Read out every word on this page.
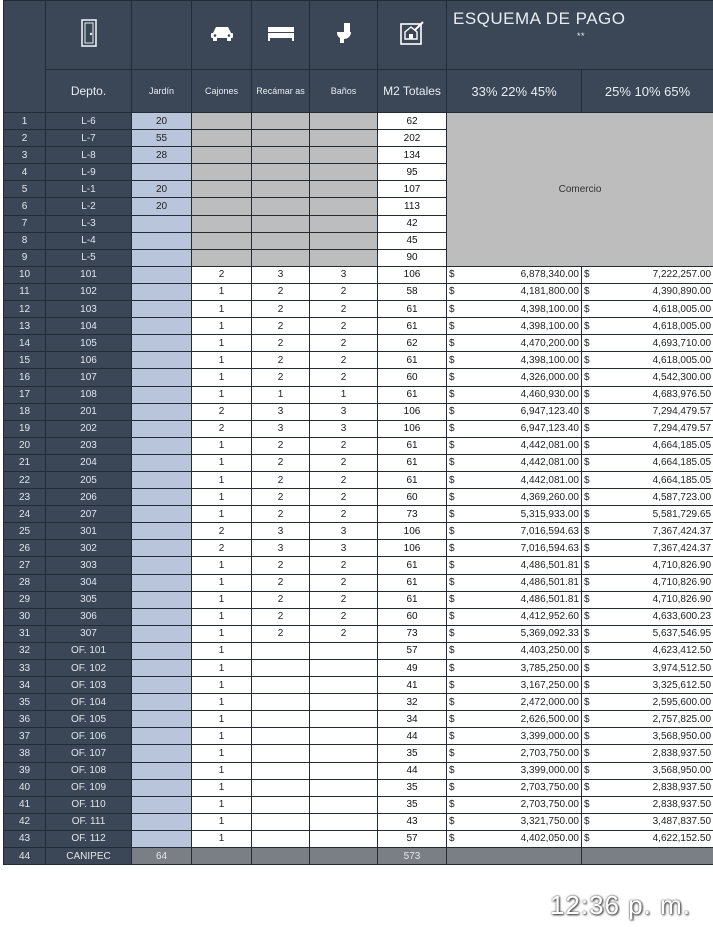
							ESQUEMA DE PAGO
**	

	Depto.	Jardín	Cajones	Recámar as	Baños	M2 Totales	33% 22% 45%	25% 10% 65%
1	L-6	20				62	Comercio	
2	L-7	55				202		
3	L-8	28				134		
4	L-9					95		
5	L-1	20				107		
6	L-2	20				113		
7	L-3					42		
8	L-4					45		
9	L-5					90		
10	101		2	3	3	106	$ 6,878,340.00	$ 7,222,257.00

11	102		1	2	2	58	$ 4,181,800.00	$ 4,390,890.00

12	103		1	2	2	61	$ 4,398,100.00	$ 4,618,005.00

13	104		1	2	2	61	$ 4,398,100.00	$ 4,618,005.00

14	105		1	2	2	62	$ 4,470,200.00	$ 4,693,710.00

15	106		1	2	2	61	$ 4,398,100.00	$ 4,618,005.00

16	107		1	2	2	60	$ 4,326,000.00	$ 4,542,300.00

17	108		1	1	1	61	$ 4,460,930.00	$ 4,683,976.50

18	201		2	3	3	106	$ 6,947,123.40	$ 7,294,479.57

19	202		2	3	3	106	$ 6,947,123.40	$ 7,294,479.57

20	203		1	2	2	61	$ 4,442,081.00	$ 4,664,185.05

21	204		1	2	2	61	$ 4,442,081.00	$ 4,664,185.05

22	205		1	2	2	61	$ 4,442,081.00	$ 4,664,185.05

23	206		1	2	2	60	$ 4,369,260.00	$ 4,587,723.00

24	207		1	2	2	73	$ 5,315,933.00	$ 5,581,729.65

25	301		2	3	3	106	$ 7,016,594.63	$ 7,367,424.37

26	302		2	3	3	106	$ 7,016,594.63	$ 7,367,424.37

27	303		1	2	2	61	$ 4,486,501.81	$ 4,710,826.90

28	304		1	2	2	61	$ 4,486,501.81	$ 4,710,826.90

29	305		1	2	2	61	$ 4,486,501.81	$ 4,710,826.90

30	306		1	2	2	60	$ 4,412,952.60	$ 4,633,600.23

31	307		1	2	2	73	$ 5,369,092.33	$ 5,637,546.95

32	OF. 101		1			57	$ 4,403,250.00	$ 4,623,412.50

33	OF. 102		1			49	$ 3,785,250.00	$ 3,974,512.50

34	OF. 103		1			41	$ 3,167,250.00	$ 3,325,612.50

35	OF. 104		1			32	$ 2,472,000.00	$ 2,595,600.00

36	OF. 105		1			34	$ 2,626,500.00	$ 2,757,825.00

37	OF. 106		1			44	$ 3,399,000.00	$ 3,568,950.00

38	OF. 107		1			35	$ 2,703,750.00	$ 2,838,937.50

39	OF. 108		1			44	$ 3,399,000.00	$ 3,568,950.00

40	OF. 109		1			35	$ 2,703,750.00	$ 2,838,937.50

41	OF. 110		1			35	$ 2,703,750.00	$ 2,838,937.50

42	OF. 111		1			43	$ 3,321,750.00	$ 3,487,837.50

43	OF. 112		1			57	$ 4,402,050.00	$ 4,622,152.50

44	CANIPEC	64				573		
12:36 p. m.
